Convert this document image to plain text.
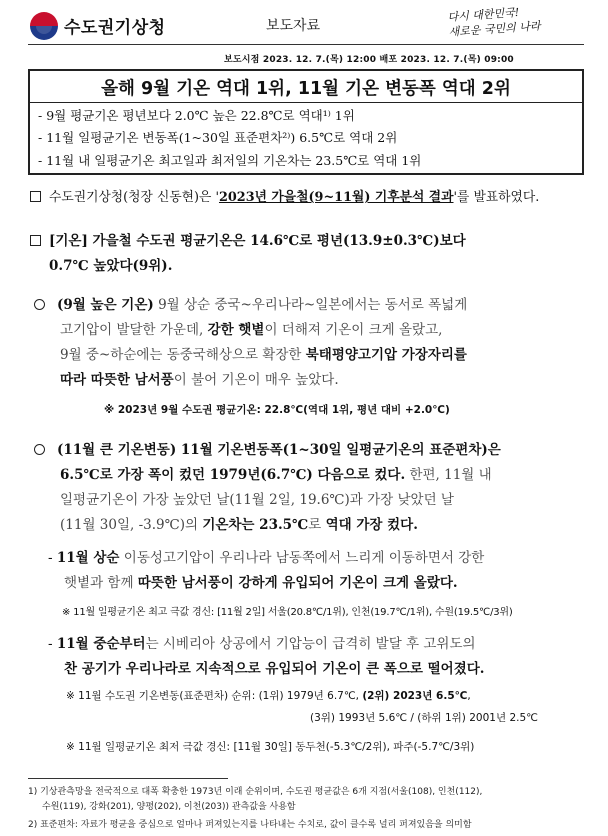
수도권기상청	보도자료
다시 대한민국!
새로운 국민의 나라
보도시점 2023. 12. 7.(목) 12:00 배포 2023. 12. 7.(목) 09:00
올해 9월 기온 역대 1위, 11월 기온 변동폭 역대 2위
- 9월 평균기온 평년보다 2.0℃ 높은 22.8℃로 역대¹⁾ 1위
- 11월 일평균기온 변동폭(1~30일 표준편차²⁾) 6.5℃로 역대 2위
- 11월 내 일평균기온 최고일과 최저일의 기온차는 23.5℃로 역대 1위
수도권기상청(청장 신동현)은 '2023년 가을철(9~11월) 기후분석 결과'를 발표하였다.
[기온] 가을철 수도권 평균기온은 14.6℃로 평년(13.9±0.3℃)보다
0.7℃ 높았다(9위).
(9월 높은 기온) 9월 상순 중국~우리나라~일본에서는 동서로 폭넓게
고기압이 발달한 가운데, 강한 햇볕이 더해져 기온이 크게 올랐고,
9월 중~하순에는 동중국해상으로 확장한 북태평양고기압 가장자리를
따라 따뜻한 남서풍이 불어 기온이 매우 높았다.
※ 2023년 9월 수도권 평균기온: 22.8℃(역대 1위, 평년 대비 +2.0℃)
(11월 큰 기온변동) 11월 기온변동폭(1~30일 일평균기온의 표준편차)은
6.5℃로 가장 폭이 컸던 1979년(6.7℃) 다음으로 컸다. 한편, 11월 내
일평균기온이 가장 높았던 날(11월 2일, 19.6℃)과 가장 낮았던 날
(11월 30일, -3.9℃)의 기온차는 23.5℃로 역대 가장 컸다.
- 11월 상순 이동성고기압이 우리나라 남동쪽에서 느리게 이동하면서 강한
햇볕과 함께 따뜻한 남서풍이 강하게 유입되어 기온이 크게 올랐다.
※ 11월 일평균기온 최고 극값 경신: [11월 2일] 서울(20.8℃/1위), 인천(19.7℃/1위), 수원(19.5℃/3위)
- 11월 중순부터는 시베리아 상공에서 기압능이 급격히 발달 후 고위도의
찬 공기가 우리나라로 지속적으로 유입되어 기온이 큰 폭으로 떨어졌다.
※ 11월 수도권 기온변동(표준편차) 순위: (1위) 1979년 6.7℃, (2위) 2023년 6.5℃,
(3위) 1993년 5.6℃ / (하위 1위) 2001년 2.5℃
※ 11월 일평균기온 최저 극값 경신: [11월 30일] 동두천(-5.3℃/2위), 파주(-5.7℃/3위)
1) 기상관측망을 전국적으로 대폭 확충한 1973년 이래 순위이며, 수도권 평균값은 6개 지점(서울(108), 인천(112),
수원(119), 강화(201), 양평(202), 이천(203)) 관측값을 사용함
2) 표준편차: 자료가 평균을 중심으로 얼마나 퍼져있는지를 나타내는 수치로, 값이 클수록 널리 퍼져있음을 의미함
